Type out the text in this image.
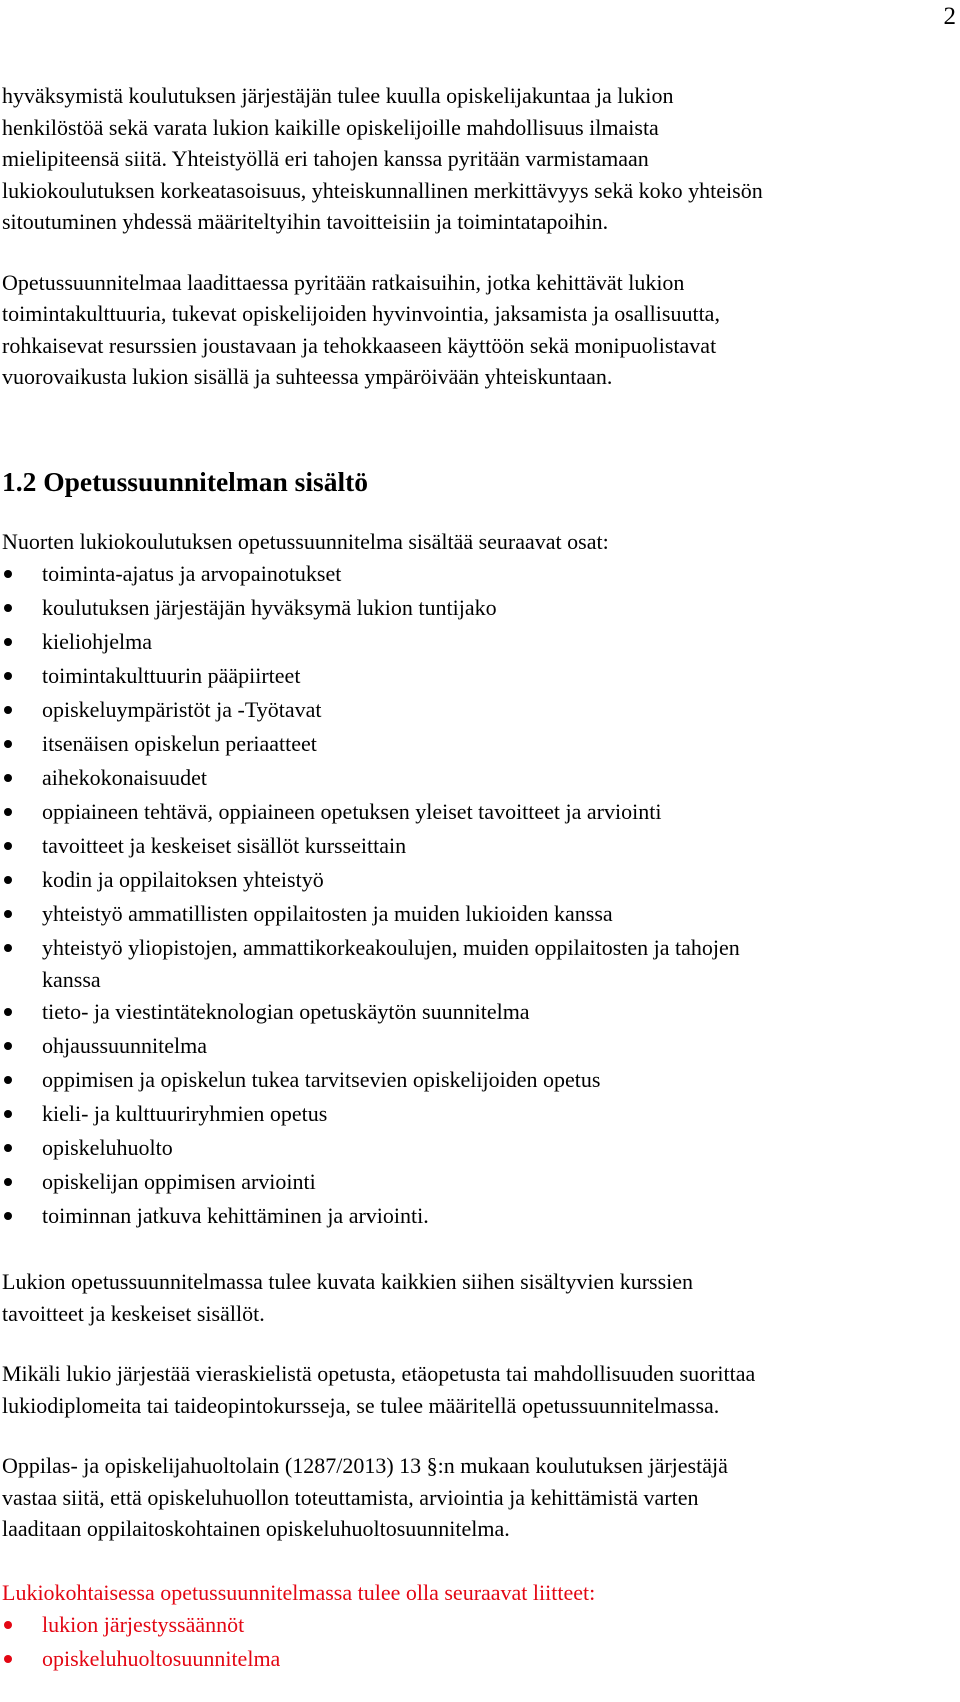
2

hyväksymistä koulutuksen järjestäjän tulee kuulla opiskelijakuntaa ja lukion
henkilöstöä sekä varata lukion kaikille opiskelijoille mahdollisuus ilmaista
mielipiteensä siitä. Yhteistyöllä eri tahojen kanssa pyritään varmistamaan
lukiokoulutuksen korkeatasoisuus, yhteiskunnallinen merkittävyys sekä koko yhteisön
sitoutuminen yhdessä määriteltyihin tavoitteisiin ja toimintatapoihin.

Opetussuunnitelmaa laadittaessa pyritään ratkaisuihin, jotka kehittävät lukion
toimintakulttuuria, tukevat opiskelijoiden hyvinvointia, jaksamista ja osallisuutta,
rohkaisevat resurssien joustavaan ja tehokkaaseen käyttöön sekä monipuolistavat
vuorovaikusta lukion sisällä ja suhteessa ympäröivään yhteiskuntaan.

1.2 Opetussuunnitelman sisältö

Nuorten lukiokoulutuksen opetussuunnitelma sisältää seuraavat osat:

toiminta-ajatus ja arvopainotukset
koulutuksen järjestäjän hyväksymä lukion tuntijako
kieliohjelma
toimintakulttuurin pääpiirteet
opiskeluympäristöt ja -Työtavat
itsenäisen opiskelun periaatteet
aihekokonaisuudet
oppiaineen tehtävä, oppiaineen opetuksen yleiset tavoitteet ja arviointi
tavoitteet ja keskeiset sisällöt kursseittain
kodin ja oppilaitoksen yhteistyö
yhteistyö ammatillisten oppilaitosten ja muiden lukioiden kanssa
yhteistyö yliopistojen, ammattikorkeakoulujen, muiden oppilaitosten ja tahojen
kanssa
tieto- ja viestintäteknologian opetuskäytön suunnitelma
ohjaussuunnitelma
oppimisen ja opiskelun tukea tarvitsevien opiskelijoiden opetus
kieli- ja kulttuuriryhmien opetus
opiskeluhuolto
opiskelijan oppimisen arviointi
toiminnan jatkuva kehittäminen ja arviointi.

Lukion opetussuunnitelmassa tulee kuvata kaikkien siihen sisältyvien kurssien
tavoitteet ja keskeiset sisällöt.

Mikäli lukio järjestää vieraskielistä opetusta, etäopetusta tai mahdollisuuden suorittaa
lukiodiplomeita tai taideopintokursseja, se tulee määritellä opetussuunnitelmassa.

Oppilas- ja opiskelijahuoltolain (1287/2013) 13 §:n mukaan koulutuksen järjestäjä
vastaa siitä, että opiskeluhuollon toteuttamista, arviointia ja kehittämistä varten
laaditaan oppilaitoskohtainen opiskeluhuoltosuunnitelma.

Lukiokohtaisessa opetussuunnitelmassa tulee olla seuraavat liitteet:

lukion järjestyssäännöt
opiskeluhuoltosuunnitelma
